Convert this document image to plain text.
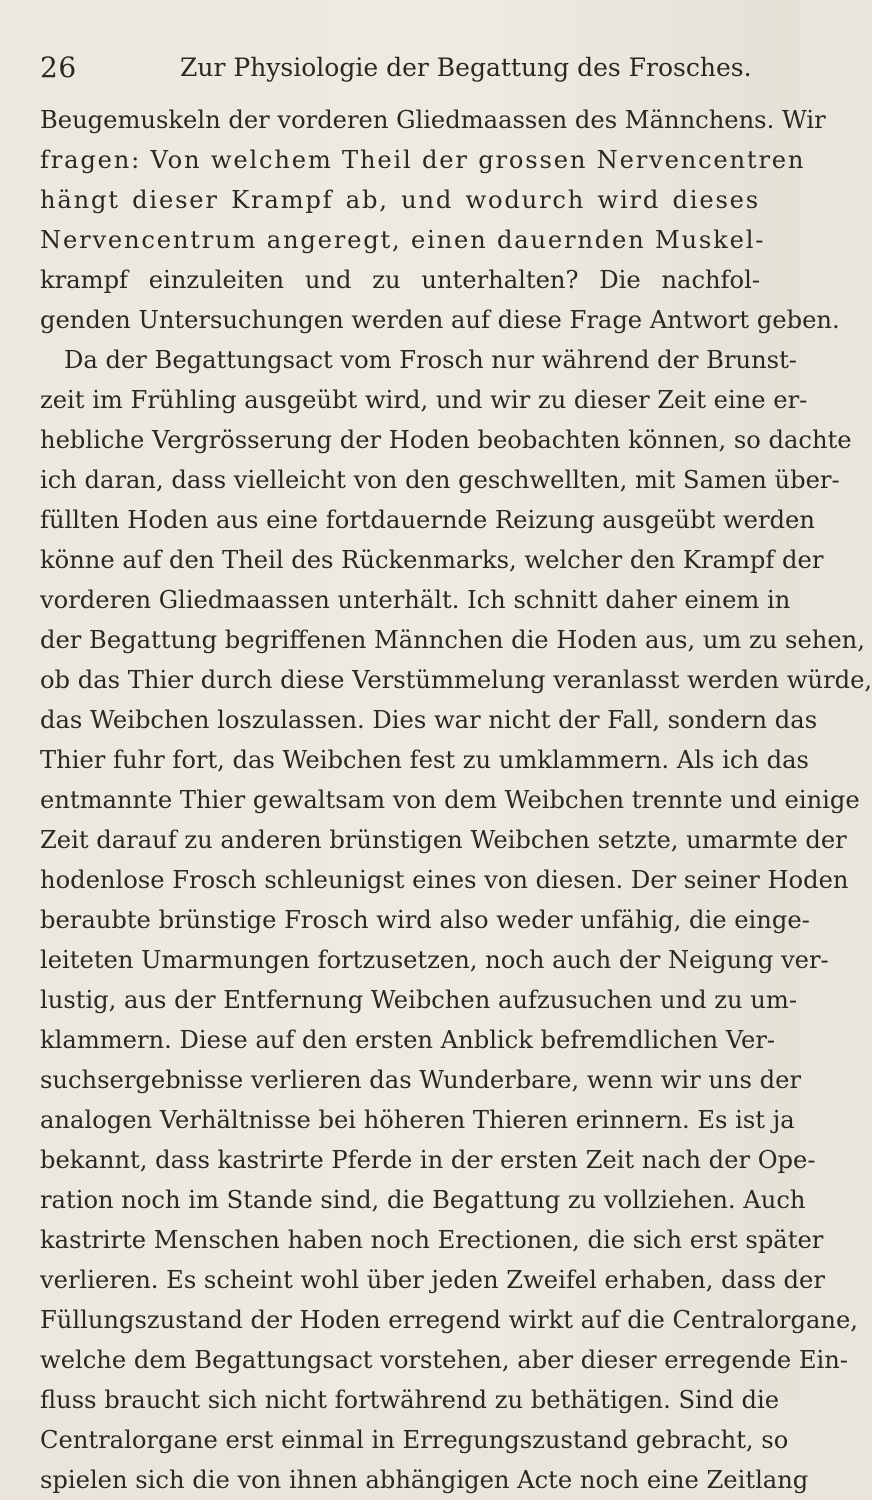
26	Zur Physiologie der Begattung des Frosches.
Beugemuskeln der vorderen Gliedmaassen des Männchens. Wir
fragen: Von welchem Theil der grossen Nervencentren
hängt dieser Krampf ab, und wodurch wird dieses
Nervencentrum angeregt, einen dauernden Muskel-
krampf einzuleiten und zu unterhalten? Die nachfol-
genden Untersuchungen werden auf diese Frage Antwort geben.
Da der Begattungsact vom Frosch nur während der Brunst-
zeit im Frühling ausgeübt wird, und wir zu dieser Zeit eine er-
hebliche Vergrösserung der Hoden beobachten können, so dachte
ich daran, dass vielleicht von den geschwellten, mit Samen über-
füllten Hoden aus eine fortdauernde Reizung ausgeübt werden
könne auf den Theil des Rückenmarks, welcher den Krampf der
vorderen Gliedmaassen unterhält. Ich schnitt daher einem in
der Begattung begriffenen Männchen die Hoden aus, um zu sehen,
ob das Thier durch diese Verstümmelung veranlasst werden würde,
das Weibchen loszulassen. Dies war nicht der Fall, sondern das
Thier fuhr fort, das Weibchen fest zu umklammern. Als ich das
entmannte Thier gewaltsam von dem Weibchen trennte und einige
Zeit darauf zu anderen brünstigen Weibchen setzte, umarmte der
hodenlose Frosch schleunigst eines von diesen. Der seiner Hoden
beraubte brünstige Frosch wird also weder unfähig, die einge-
leiteten Umarmungen fortzusetzen, noch auch der Neigung ver-
lustig, aus der Entfernung Weibchen aufzusuchen und zu um-
klammern. Diese auf den ersten Anblick befremdlichen Ver-
suchsergebnisse verlieren das Wunderbare, wenn wir uns der
analogen Verhältnisse bei höheren Thieren erinnern. Es ist ja
bekannt, dass kastrirte Pferde in der ersten Zeit nach der Ope-
ration noch im Stande sind, die Begattung zu vollziehen. Auch
kastrirte Menschen haben noch Erectionen, die sich erst später
verlieren. Es scheint wohl über jeden Zweifel erhaben, dass der
Füllungszustand der Hoden erregend wirkt auf die Centralorgane,
welche dem Begattungsact vorstehen, aber dieser erregende Ein-
fluss braucht sich nicht fortwährend zu bethätigen. Sind die
Centralorgane erst einmal in Erregungszustand gebracht, so
spielen sich die von ihnen abhängigen Acte noch eine Zeitlang
